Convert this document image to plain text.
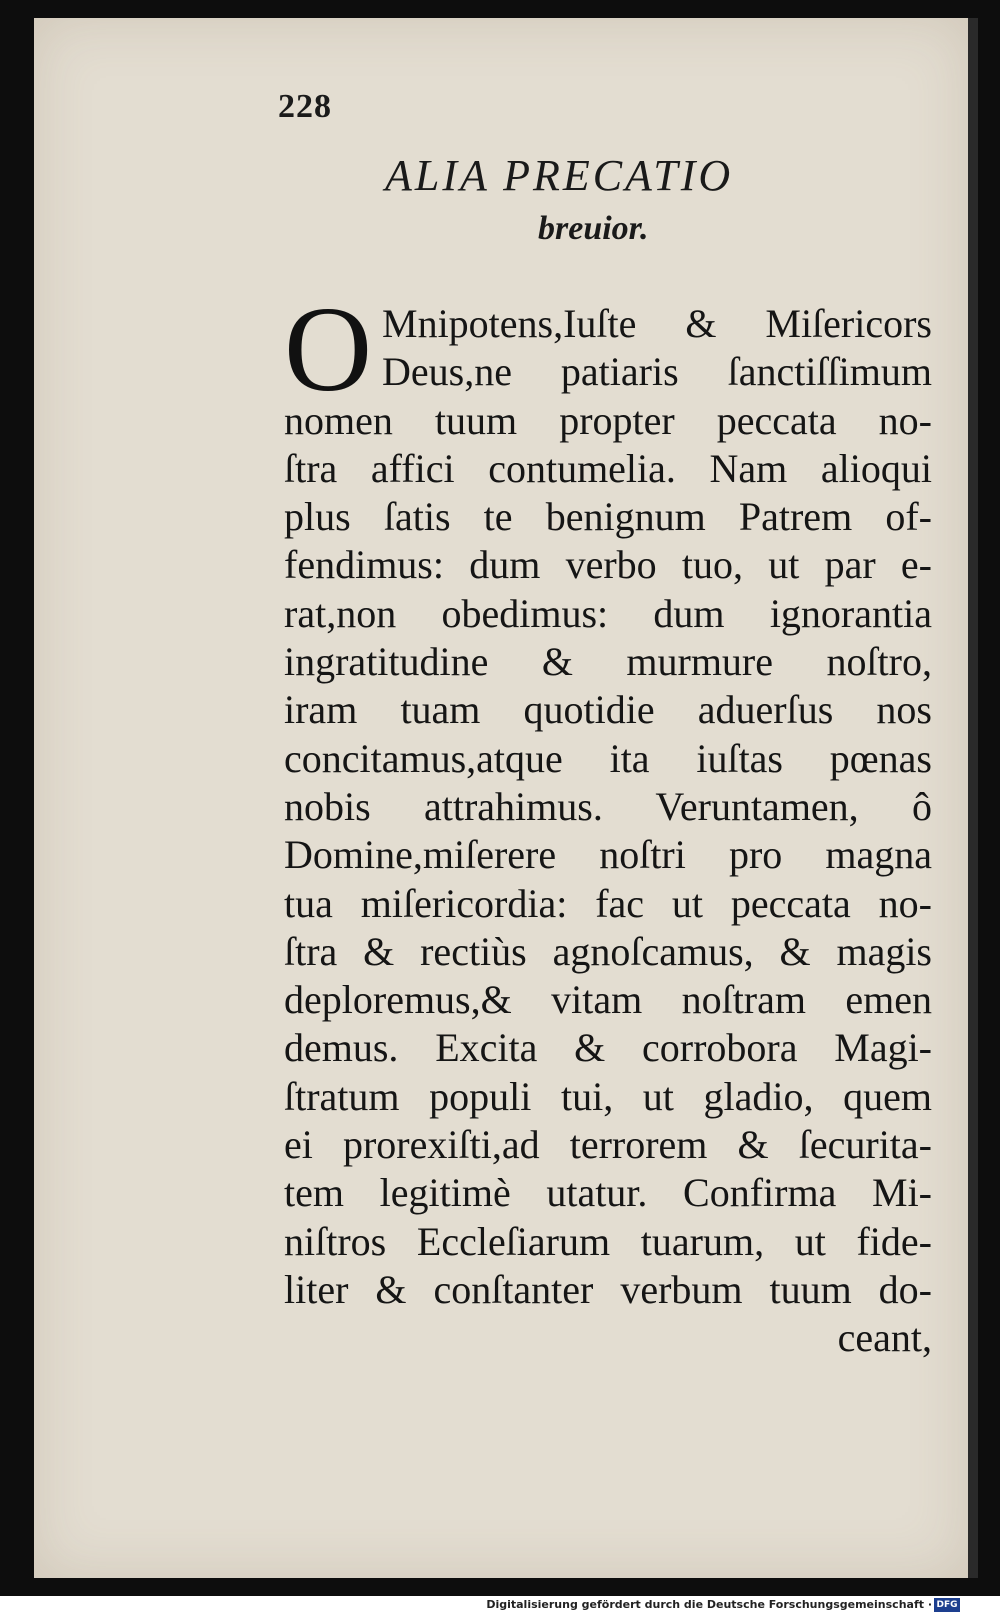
228
ALIA PRECATIO
breuior.
O Mnipotens,Iuſte & Miſericors
Deus,ne patiaris ſanctiſſimum
nomen tuum propter peccata no-
ſtra affici contumelia. Nam alioqui
plus ſatis te benignum Patrem of-
fendimus: dum verbo tuo, ut par e-
rat,non obedimus: dum ignorantia
ingratitudine & murmure noſtro,
iram tuam quotidie aduerſus nos
concitamus,atque ita iuſtas pœnas
nobis attrahimus. Veruntamen, ô
Domine,miſerere noſtri pro magna
tua miſericordia: fac ut peccata no-
ſtra & rectiùs agnoſcamus, & magis
deploremus,& vitam noſtram emen
demus. Excita & corrobora Magi-
ſtratum populi tui, ut gladio, quem
ei prorexiſti,ad terrorem & ſecurita-
tem legitimè utatur. Confirma Mi-
niſtros Eccleſiarum tuarum, ut fide-
liter & conſtanter verbum tuum do-
ceant,
Digitalisierung gefördert durch die Deutsche Forschungsgemeinschaft · DFG
